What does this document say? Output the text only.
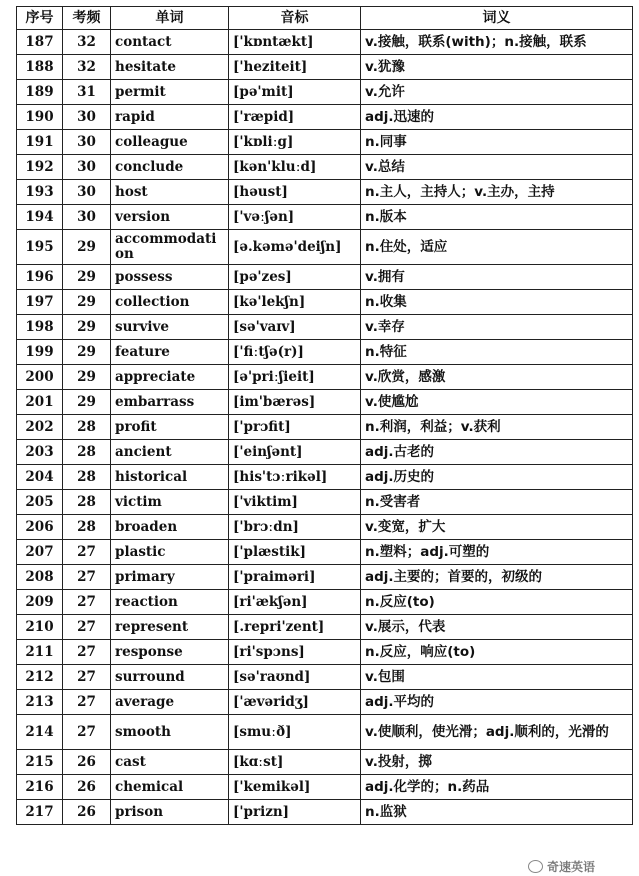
序号	考频	单词	音标	词义
187	32	contact	['kɒntækt]	v.接触，联系(with)；n.接触，联系
188	32	hesitate	['heziteit]	v.犹豫
189	31	permit	[pə'mit]	v.允许
190	30	rapid	['ræpid]	adj.迅速的
191	30	colleague	['kɒliːg]	n.同事
192	30	conclude	[kən'kluːd]	v.总结
193	30	host	[həust]	n.主人，主持人；v.主办，主持
194	30	version	['vəːʃən]	n.版本
195	29	accommodation	[ə.kəmə'deiʃn]	n.住处，适应
196	29	possess	[pə'zes]	v.拥有
197	29	collection	[kə'lekʃn]	n.收集
198	29	survive	[sə'vaɪv]	v.幸存
199	29	feature	['fiːtʃə(r)]	n.特征
200	29	appreciate	[ə'priːʃieit]	v.欣赏，感激
201	29	embarrass	[im'bærəs]	v.使尴尬
202	28	profit	['prɔfit]	n.利润，利益；v.获利
203	28	ancient	['einʃənt]	adj.古老的
204	28	historical	[his'tɔːrikəl]	adj.历史的
205	28	victim	['viktim]	n.受害者
206	28	broaden	['brɔːdn]	v.变宽，扩大
207	27	plastic	['plæstik]	n.塑料；adj.可塑的
208	27	primary	['praiməri]	adj.主要的；首要的，初级的
209	27	reaction	[ri'ækʃən]	n.反应(to)
210	27	represent	[.repri'zent]	v.展示，代表
211	27	response	[ri'spɔns]	n.反应，响应(to)
212	27	surround	[sə'raʊnd]	v.包围
213	27	average	['ævəridʒ]	adj.平均的
214	27	smooth	[smuːð]	v.使顺利，使光滑；adj.顺利的，光滑的
215	26	cast	[kɑːst]	v.投射，掷
216	26	chemical	['kemikəl]	adj.化学的；n.药品
217	26	prison	['prizn]	n.监狱
奇速英语
